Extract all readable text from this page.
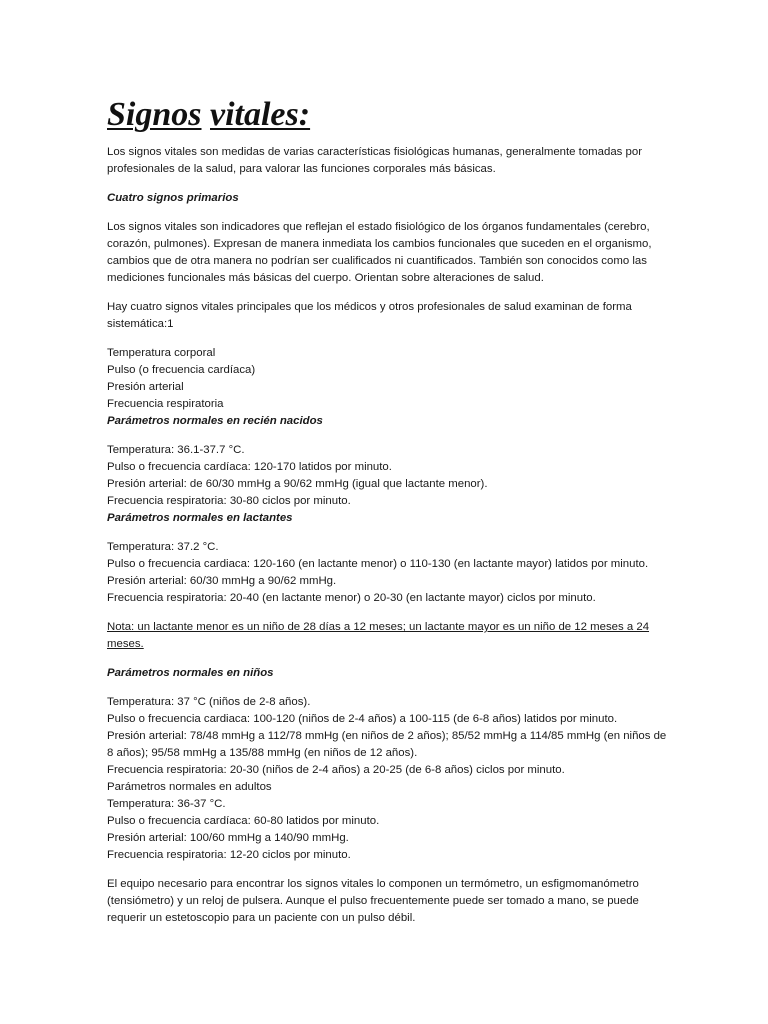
Signos vitales:

Los signos vitales son medidas de varias características fisiológicas humanas, generalmente tomadas por profesionales de la salud, para valorar las funciones corporales más básicas.

Cuatro signos primarios

Los signos vitales son indicadores que reflejan el estado fisiológico de los órganos fundamentales (cerebro, corazón, pulmones). Expresan de manera inmediata los cambios funcionales que suceden en el organismo, cambios que de otra manera no podrían ser cualificados ni cuantificados. También son conocidos como las mediciones funcionales más básicas del cuerpo. Orientan sobre alteraciones de salud.

Hay cuatro signos vitales principales que los médicos y otros profesionales de salud examinan de forma sistemática:1

Temperatura corporal

Pulso (o frecuencia cardíaca)

Presión arterial

Frecuencia respiratoria

Parámetros normales en recién nacidos

Temperatura: 36.1-37.7 °C.

Pulso o frecuencia cardíaca: 120-170 latidos por minuto.

Presión arterial: de 60/30 mmHg a 90/62 mmHg (igual que lactante menor).

Frecuencia respiratoria: 30-80 ciclos por minuto.

Parámetros normales en lactantes

Temperatura: 37.2 °C.

Pulso o frecuencia cardiaca: 120-160 (en lactante menor) o 110-130 (en lactante mayor) latidos por minuto.

Presión arterial: 60/30 mmHg a 90/62 mmHg.

Frecuencia respiratoria: 20-40 (en lactante menor) o 20-30 (en lactante mayor) ciclos por minuto.

Nota: un lactante menor es un niño de 28 días a 12 meses; un lactante mayor es un niño de 12 meses a 24 meses.

Parámetros normales en niños

Temperatura: 37 °C (niños de 2-8 años).

Pulso o frecuencia cardiaca: 100-120 (niños de 2-4 años) a 100-115 (de 6-8 años) latidos por minuto.

Presión arterial: 78/48 mmHg a 112/78 mmHg (en niños de 2 años); 85/52 mmHg a 114/85 mmHg (en niños de 8 años); 95/58 mmHg a 135/88 mmHg (en niños de 12 años).

Frecuencia respiratoria: 20-30 (niños de 2-4 años) a 20-25 (de 6-8 años) ciclos por minuto.

Parámetros normales en adultos

Temperatura: 36-37 °C.

Pulso o frecuencia cardíaca: 60-80 latidos por minuto.

Presión arterial: 100/60 mmHg a 140/90 mmHg.

Frecuencia respiratoria: 12-20 ciclos por minuto.

El equipo necesario para encontrar los signos vitales lo componen un termómetro, un esfigmomanómetro (tensiómetro) y un reloj de pulsera. Aunque el pulso frecuentemente puede ser tomado a mano, se puede requerir un estetoscopio para un paciente con un pulso débil.
